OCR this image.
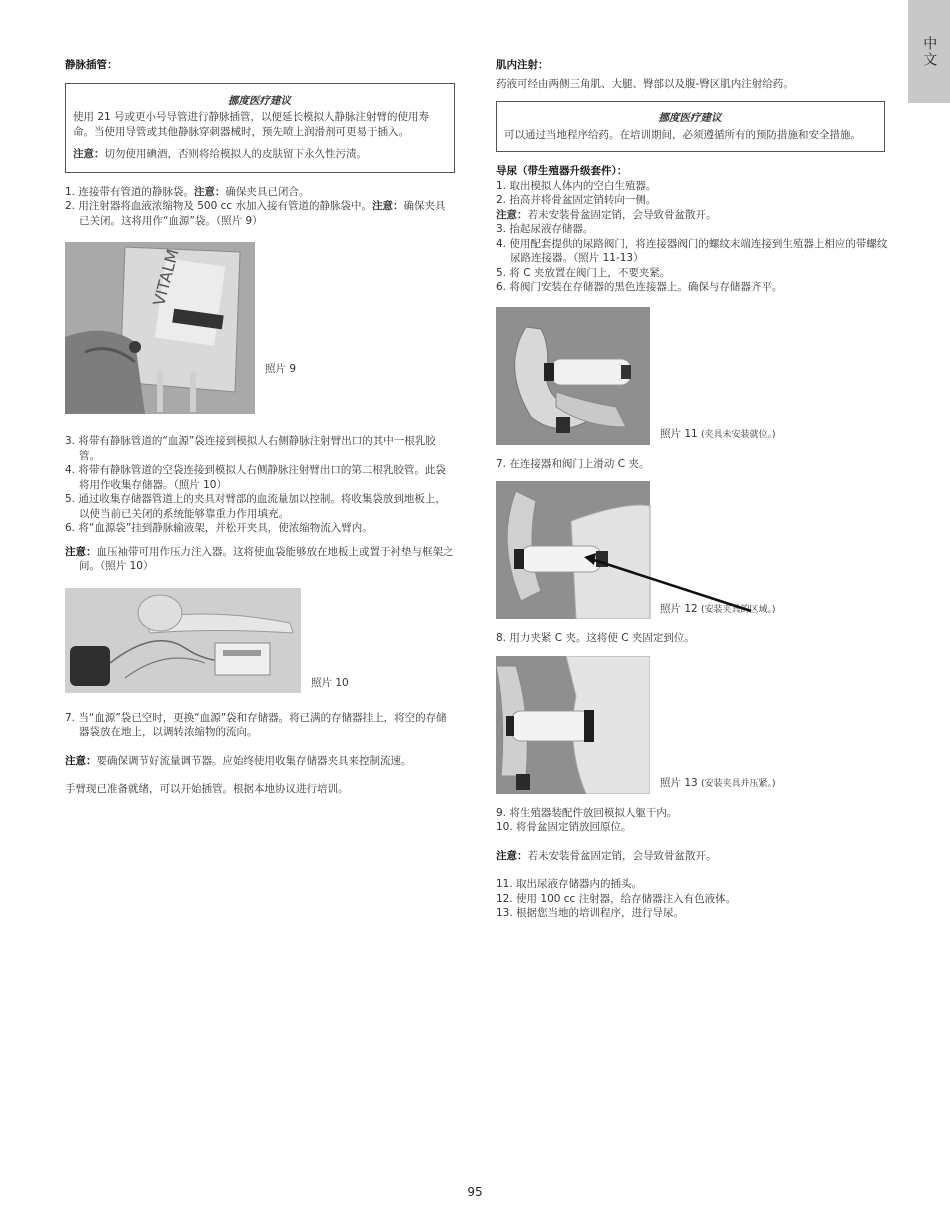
中文

静脉插管：

挪度医疗建议

使用 21 号或更小号导管进行静脉插管，以便延长模拟人静脉注射臂的使用寿命。当使用导管或其他静脉穿刺器械时，预先喷上润滑剂可更易于插入。

注意：切勿使用碘酒，否则将给模拟人的皮肤留下永久性污渍。

1. 连接带有管道的静脉袋。注意：确保夹具已闭合。
2. 用注射器将血液浓缩物及 500 cc 水加入接有管道的静脉袋中。注意：确保夹具已关闭。这将用作“血源”袋。（照片 9）
VITALM
照片 9
3. 将带有静脉管道的“血源”袋连接到模拟人右侧静脉注射臂出口的其中一根乳胶管。
4. 将带有静脉管道的空袋连接到模拟人右侧静脉注射臂出口的第二根乳胶管。此袋将用作收集存储器。（照片 10）
5. 通过收集存储器管道上的夹具对臂部的血流量加以控制。将收集袋放到地板上，以使当前已关闭的系统能够靠重力作用填充。
6. 将“血源袋”挂到静脉输液架，并松开夹具，使浓缩物流入臂内。

注意：血压袖带可用作压力注入器。这将使血袋能够放在地板上或置于衬垫与框架之间。（照片 10）

照片 10
7. 当“血源”袋已空时，更换“血源”袋和存储器。将已满的存储器挂上，将空的存储器袋放在地上，以调转浓缩物的流向。

注意：要确保调节好流量调节器。应始终使用收集存储器夹具来控制流速。

手臂现已准备就绪，可以开始插管。根据本地协议进行培训。

肌内注射：

药液可经由两侧三角肌、大腿、臀部以及腹-臀区肌内注射给药。

挪度医疗建议

可以通过当地程序给药。在培训期间，必须遵循所有的预防措施和安全措施。

导尿（带生殖器升级套件）：

1. 取出模拟人体内的空白生殖器。
2. 抬高并将骨盆固定销转向一侧。

注意：若未安装骨盆固定销，会导致骨盆散开。

3. 抬起尿液存储器。
4. 使用配套提供的尿路阀门，将连接器阀门的螺纹末端连接到生殖器上相应的带螺纹尿路连接器。（照片 11-13）
5. 将 C 夹放置在阀门上，不要夹紧。
6. 将阀门安装在存储器的黑色连接器上。确保与存储器齐平。
照片 11 (夹具未安装就位。)
7. 在连接器和阀门上滑动 C 夹。
照片 12 (安装夹具的区域。)
8. 用力夹紧 C 夹。这将使 C 夹固定到位。
照片 13 (安装夹具并压紧。)
9. 将生殖器装配件放回模拟人躯干内。
10. 将骨盆固定销放回原位。

注意：若未安装骨盆固定销，会导致骨盆散开。

11. 取出尿液存储器内的插头。
12. 使用 100 cc 注射器，给存储器注入有色液体。
13. 根据您当地的培训程序，进行导尿。
95
